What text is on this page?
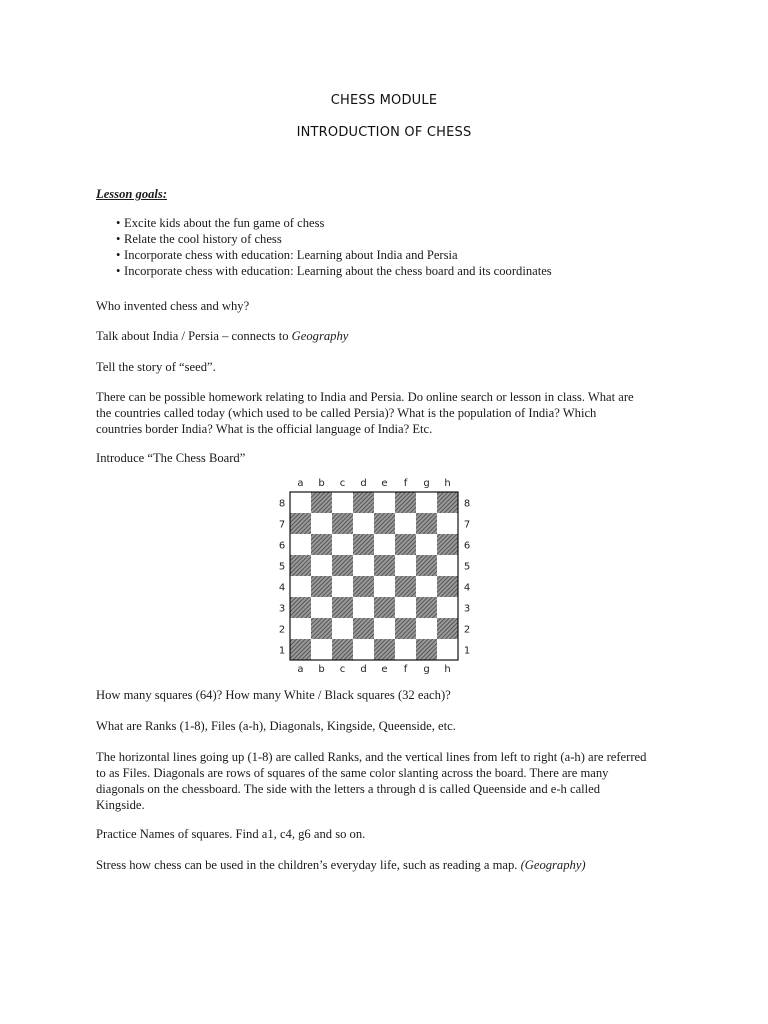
CHESS MODULE
INTRODUCTION OF CHESS
Lesson goals:
• Excite kids about the fun game of chess
• Relate the cool history of chess
• Incorporate chess with education: Learning about India and Persia
• Incorporate chess with education: Learning about the chess board and its coordinates
Who invented chess and why?
Talk about India / Persia – connects to Geography
Tell the story of “seed”.
There can be possible homework relating to India and Persia. Do online search or lesson in class. What are the countries called today (which used to be called Persia)? What is the population of India? Which countries border India? What is the official language of India? Etc.
Introduce “The Chess Board”
a
a
b
b
c
c
d
d
e
e
f
f
g
g
h
h
8	8
7	7
6	6
5	5
4	4
3	3
2	2
1	1
How many squares (64)? How many White / Black squares (32 each)?
What are Ranks (1-8), Files (a-h), Diagonals, Kingside, Queenside, etc.
The horizontal lines going up (1-8) are called Ranks, and the vertical lines from left to right (a-h) are referred to as Files. Diagonals are rows of squares of the same color slanting across the board. There are many diagonals on the chessboard. The side with the letters a through d is called Queenside and e-h called Kingside.
Practice Names of squares. Find a1, c4, g6 and so on.
Stress how chess can be used in the children’s everyday life, such as reading a map. (Geography)
